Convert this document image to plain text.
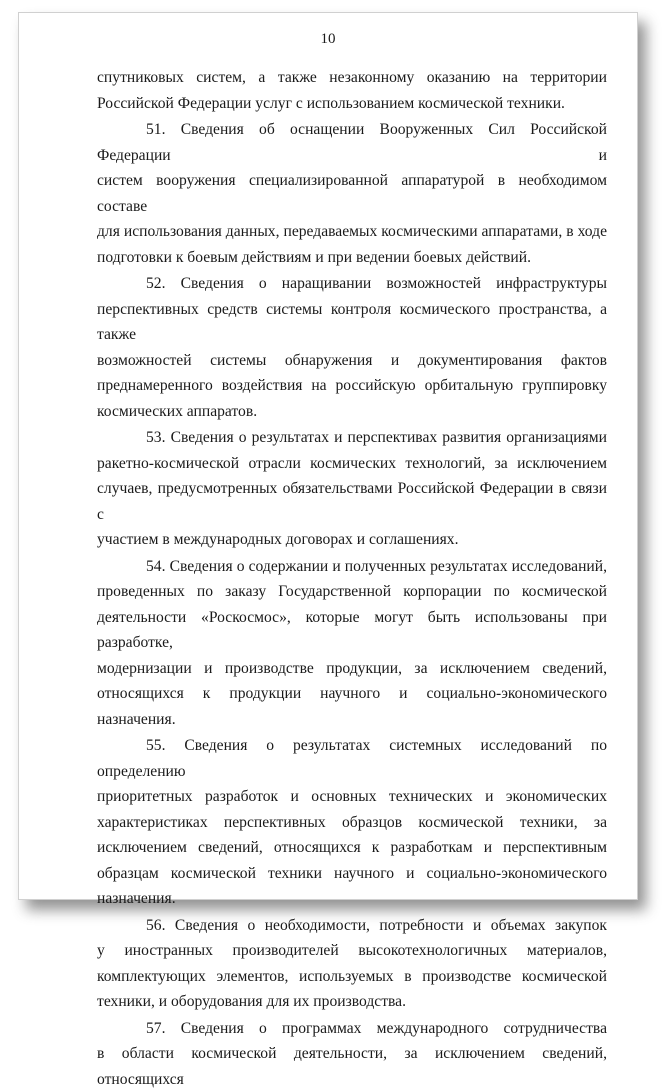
10

спутниковых систем, а также незаконному оказанию на территории

Российской Федерации услуг с использованием космической техники.

51. Сведения об оснащении Вооруженных Сил Российской Федерации и

систем вооружения специализированной аппаратурой в необходимом составе

для использования данных, передаваемых космическими аппаратами, в ходе

подготовки к боевым действиям и при ведении боевых действий.

52. Сведения о наращивании возможностей инфраструктуры

перспективных средств системы контроля космического пространства, а также

возможностей системы обнаружения и документирования фактов

преднамеренного воздействия на российскую орбитальную группировку

космических аппаратов.

53. Сведения о результатах и перспективах развития организациями

ракетно-космической отрасли космических технологий, за исключением

случаев, предусмотренных обязательствами Российской Федерации в связи с

участием в международных договорах и соглашениях.

54. Сведения о содержании и полученных результатах исследований,

проведенных по заказу Государственной корпорации по космической

деятельности «Роскосмос», которые могут быть использованы при разработке,

модернизации и производстве продукции, за исключением сведений,

относящихся к продукции научного и социально-экономического назначения.

55. Сведения о результатах системных исследований по определению

приоритетных разработок и основных технических и экономических

характеристиках перспективных образцов космической техники, за

исключением сведений, относящихся к разработкам и перспективным

образцам космической техники научного и социально-экономического

назначения.

56. Сведения о необходимости, потребности и объемах закупок

у иностранных производителей высокотехнологичных материалов,

комплектующих элементов, используемых в производстве космической

техники, и оборудования для их производства.

57. Сведения о программах международного сотрудничества

в области космической деятельности, за исключением сведений, относящихся
